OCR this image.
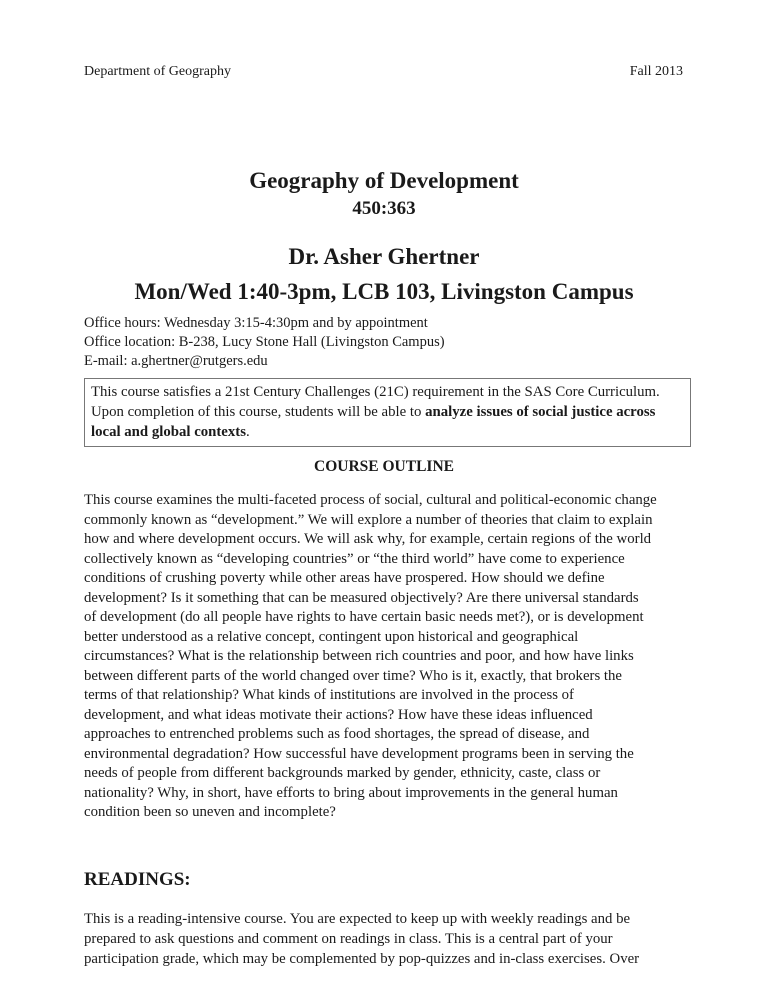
Department of Geography	Fall 2013
Geography of Development
450:363
Dr. Asher Ghertner
Mon/Wed 1:40-3pm, LCB 103, Livingston Campus
Office hours: Wednesday 3:15-4:30pm and by appointment
Office location: B-238, Lucy Stone Hall (Livingston Campus)
E-mail: a.ghertner@rutgers.edu
This course satisfies a 21st Century Challenges (21C) requirement in the SAS Core Curriculum.
Upon completion of this course, students will be able to analyze issues of social justice across
local and global contexts.
COURSE OUTLINE
This course examines the multi-faceted process of social, cultural and political-economic change
commonly known as “development.” We will explore a number of theories that claim to explain
how and where development occurs. We will ask why, for example, certain regions of the world
collectively known as “developing countries” or “the third world” have come to experience
conditions of crushing poverty while other areas have prospered. How should we define
development? Is it something that can be measured objectively? Are there universal standards
of development (do all people have rights to have certain basic needs met?), or is development
better understood as a relative concept, contingent upon historical and geographical
circumstances? What is the relationship between rich countries and poor, and how have links
between different parts of the world changed over time? Who is it, exactly, that brokers the
terms of that relationship? What kinds of institutions are involved in the process of
development, and what ideas motivate their actions? How have these ideas influenced
approaches to entrenched problems such as food shortages, the spread of disease, and
environmental degradation? How successful have development programs been in serving the
needs of people from different backgrounds marked by gender, ethnicity, caste, class or
nationality? Why, in short, have efforts to bring about improvements in the general human
condition been so uneven and incomplete?
READINGS:
This is a reading-intensive course. You are expected to keep up with weekly readings and be
prepared to ask questions and comment on readings in class. This is a central part of your
participation grade, which may be complemented by pop-quizzes and in-class exercises. Over
